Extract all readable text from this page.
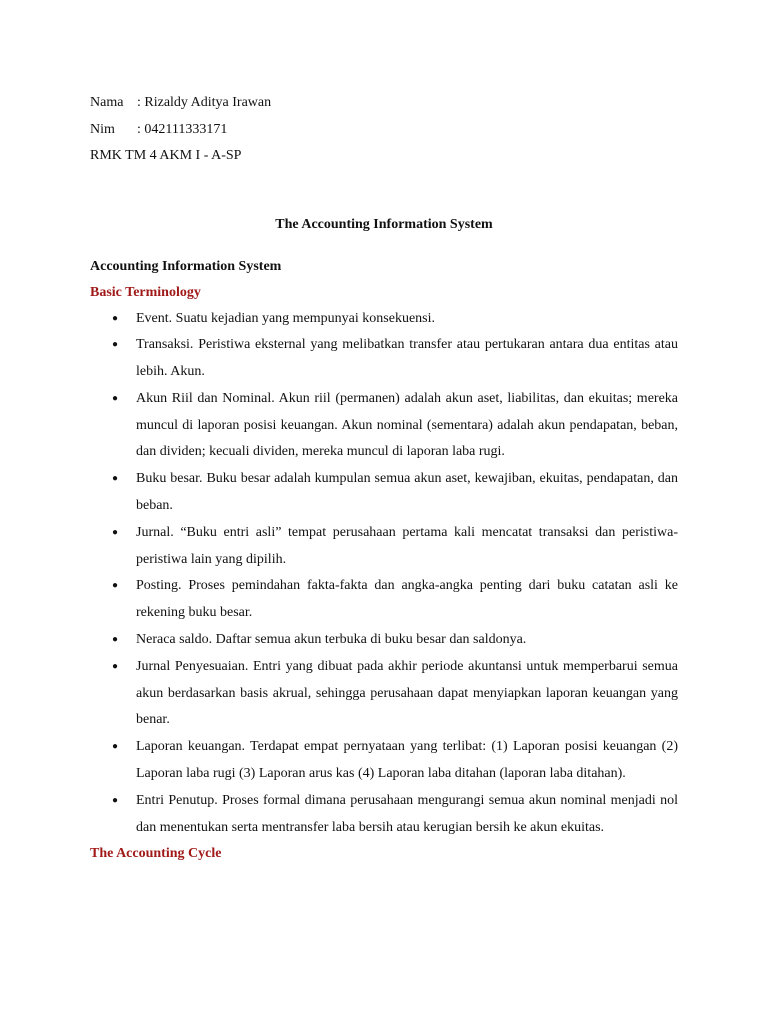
Nama : Rizaldy Aditya Irawan
Nim : 042111333171
RMK TM 4 AKM I - A-SP
The Accounting Information System
Accounting Information System
Basic Terminology
● Event. Suatu kejadian yang mempunyai konsekuensi.
● Transaksi. Peristiwa eksternal yang melibatkan transfer atau pertukaran antara dua entitas atau lebih. Akun.
● Akun Riil dan Nominal. Akun riil (permanen) adalah akun aset, liabilitas, dan ekuitas; mereka muncul di laporan posisi keuangan. Akun nominal (sementara) adalah akun pendapatan, beban, dan dividen; kecuali dividen, mereka muncul di laporan laba rugi.
● Buku besar. Buku besar adalah kumpulan semua akun aset, kewajiban, ekuitas, pendapatan, dan beban.
● Jurnal. “Buku entri asli” tempat perusahaan pertama kali mencatat transaksi dan peristiwa-peristiwa lain yang dipilih.
● Posting. Proses pemindahan fakta-fakta dan angka-angka penting dari buku catatan asli ke rekening buku besar.
● Neraca saldo. Daftar semua akun terbuka di buku besar dan saldonya.
● Jurnal Penyesuaian. Entri yang dibuat pada akhir periode akuntansi untuk memperbarui semua akun berdasarkan basis akrual, sehingga perusahaan dapat menyiapkan laporan keuangan yang benar.
● Laporan keuangan. Terdapat empat pernyataan yang terlibat: (1) Laporan posisi keuangan (2) Laporan laba rugi (3) Laporan arus kas (4) Laporan laba ditahan (laporan laba ditahan).
● Entri Penutup. Proses formal dimana perusahaan mengurangi semua akun nominal menjadi nol dan menentukan serta mentransfer laba bersih atau kerugian bersih ke akun ekuitas.
The Accounting Cycle
